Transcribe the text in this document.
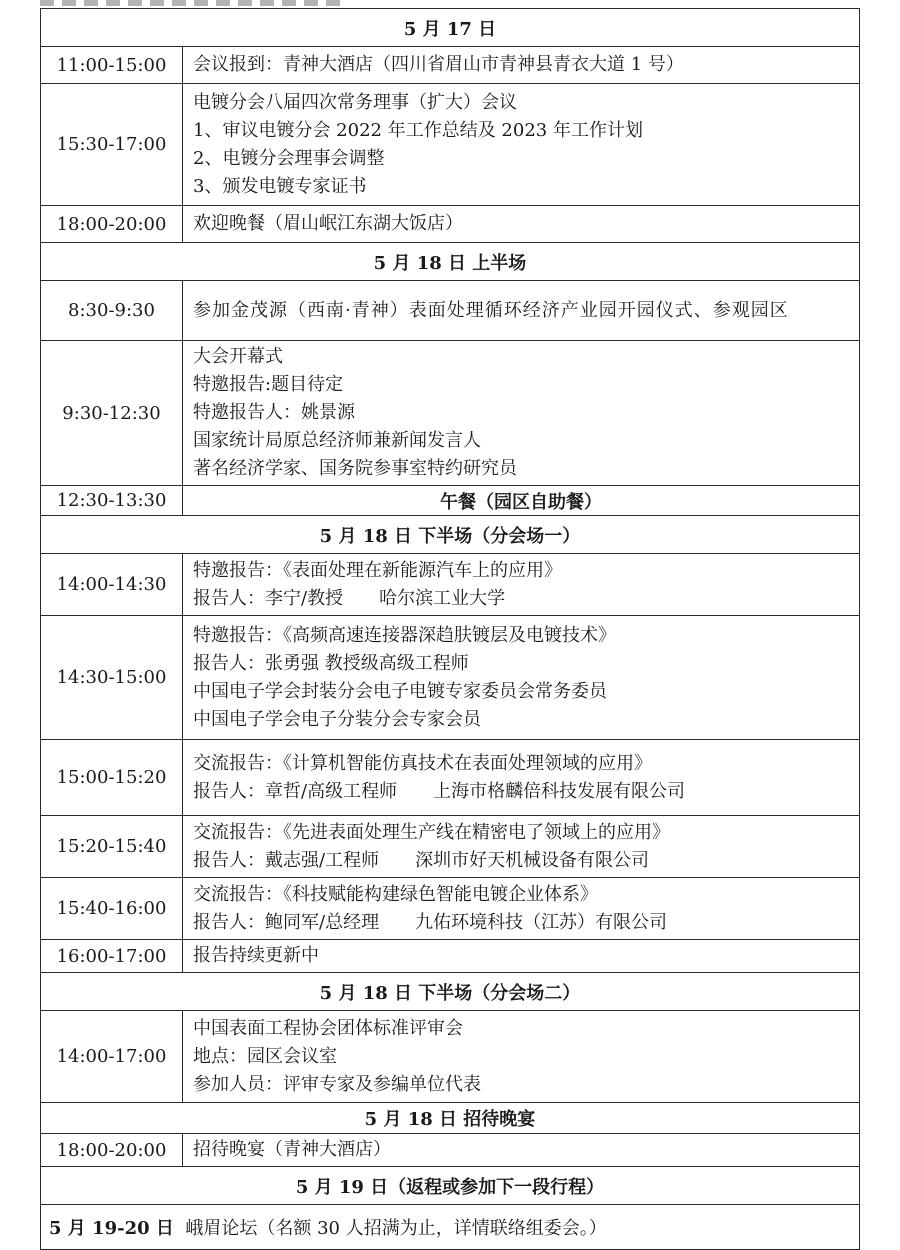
5 月 17 日	
11:00-15:00	会议报到：青神大酒店（四川省眉山市青神县青衣大道 1 号）

15:30-17:00	电镀分会八届四次常务理事（扩大）会议
1、审议电镀分会 2022 年工作总结及 2023 年工作计划
2、电镀分会理事会调整
3、颁发电镀专家证书

18:00-20:00	欢迎晚餐（眉山岷江东湖大饭店）

5 月 18 日 上半场	
8:30-9:30	参加金茂源（西南·青神）表面处理循环经济产业园开园仪式、参观园区

9:30-12:30	大会开幕式
特邀报告:题目待定
特邀报告人：姚景源
国家统计局原总经济师兼新闻发言人
著名经济学家、国务院参事室特约研究员

12:30-13:30	午餐（园区自助餐）
5 月 18 日 下半场（分会场一）	
14:00-14:30	特邀报告：《表面处理在新能源汽车上的应用》
报告人：李宁/教授　　哈尔滨工业大学

14:30-15:00	特邀报告：《高频高速连接器深趋肤镀层及电镀技术》
报告人：张勇强 教授级高级工程师
中国电子学会封装分会电子电镀专家委员会常务委员
中国电子学会电子分装分会专家会员

15:00-15:20	交流报告：《计算机智能仿真技术在表面处理领域的应用》
报告人：章哲/高级工程师　　上海市格麟倍科技发展有限公司

15:20-15:40	交流报告：《先进表面处理生产线在精密电了领域上的应用》
报告人：戴志强/工程师　　深圳市好天机械设备有限公司

15:40-16:00	交流报告：《科技赋能构建绿色智能电镀企业体系》
报告人：鲍同军/总经理　　九佑环境科技（江苏）有限公司

16:00-17:00	报告持续更新中

5 月 18 日 下半场（分会场二）	
14:00-17:00	中国表面工程协会团体标准评审会
地点：园区会议室
参加人员：评审专家及参编单位代表

5 月 18 日 招待晚宴	
18:00-20:00	招待晚宴（青神大酒店）

5 月 19 日（返程或参加下一段行程）	
5 月 19-20 日 峨眉论坛（名额 30 人招满为止，详情联络组委会。）	
